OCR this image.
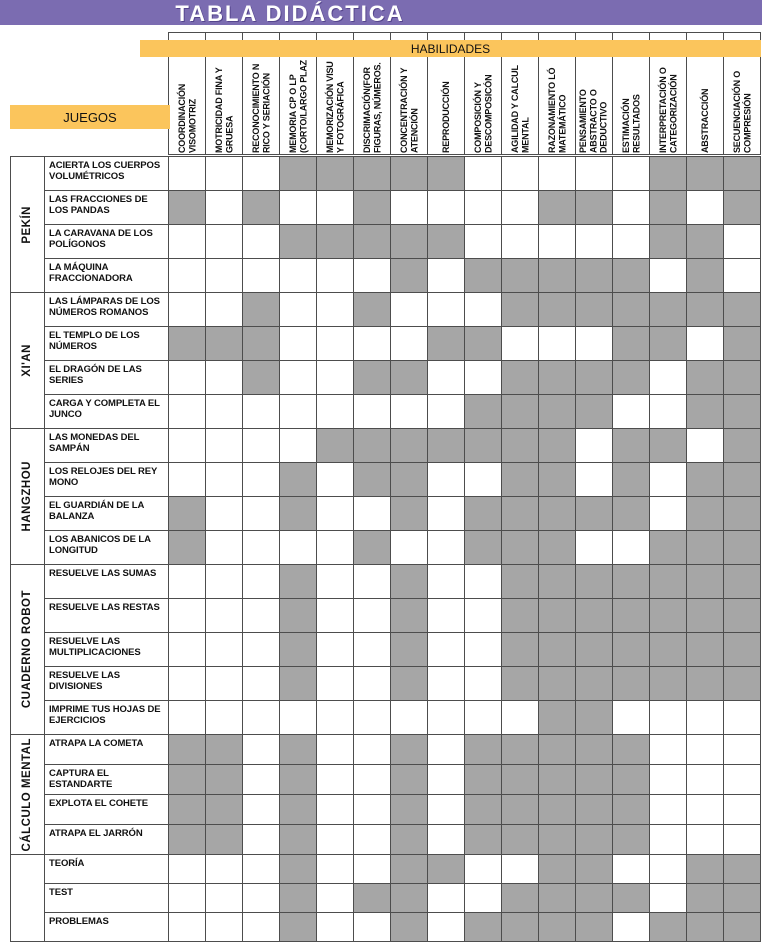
TABLA DIDÁCTICA
HABILIDADES
JUEGOS	COORDINACIÓN VISOMOTRIZ MOTRICIDAD FINA Y GRUESA RECONOCIMIENTO N RICO Y SERIACIÓN MEMORIA CP O LP (CORTO/LARGO PLAZ MEMORIZACIÓN VISU Y FOTOGRÁFICA DISCRIMACIÓN(FOR FIGURAS, NÚMEROS. CONCENTRACIÓN Y ATENCIÓN REPRODUCCIÓN COMPOSICIÓN Y DESCOMPOSICÓN AGILIDAD Y CALCUL MENTAL RAZONAMIENTO LÓ MATEMÁTICO PENSAMIENTO ABSTRACTO O DEDUCTIVO ESTIMACIÓN RESULTADOS INTERPRETACIÓN O CATEGORIZACIÓN ABSTRACCIÓN SECUENCIACIÓN O COMPRESIÓN
PEKÍN
ACIERTA LOS CUERPOS VOLUMÉTRICOS
LAS FRACCIONES DE LOS PANDAS
LA CARAVANA DE LOS POLÍGONOS
LA MÁQUINA FRACCIONADORA
XI'AN
LAS LÁMPARAS DE LOS NÚMEROS ROMANOS
EL TEMPLO DE LOS NÚMEROS
EL DRAGÓN DE LAS SERIES
CARGA Y COMPLETA EL JUNCO
HANGZHOU
LAS MONEDAS DEL SAMPÁN
LOS RELOJES DEL REY MONO
EL GUARDIÁN DE LA BALANZA
LOS ABANICOS DE LA LONGITUD
CUADERNO ROBOT
RESUELVE LAS SUMAS
RESUELVE LAS RESTAS
RESUELVE LAS MULTIPLICACIONES
RESUELVE LAS DIVISIONES
IMPRIME TUS HOJAS DE EJERCICIOS
CÁLCULO MENTAL	ATRAPA LA COMETA
CAPTURA EL ESTANDARTE
EXPLOTA EL COHETE
ATRAPA EL JARRÓN
TEORÍA
TEST
PROBLEMAS
